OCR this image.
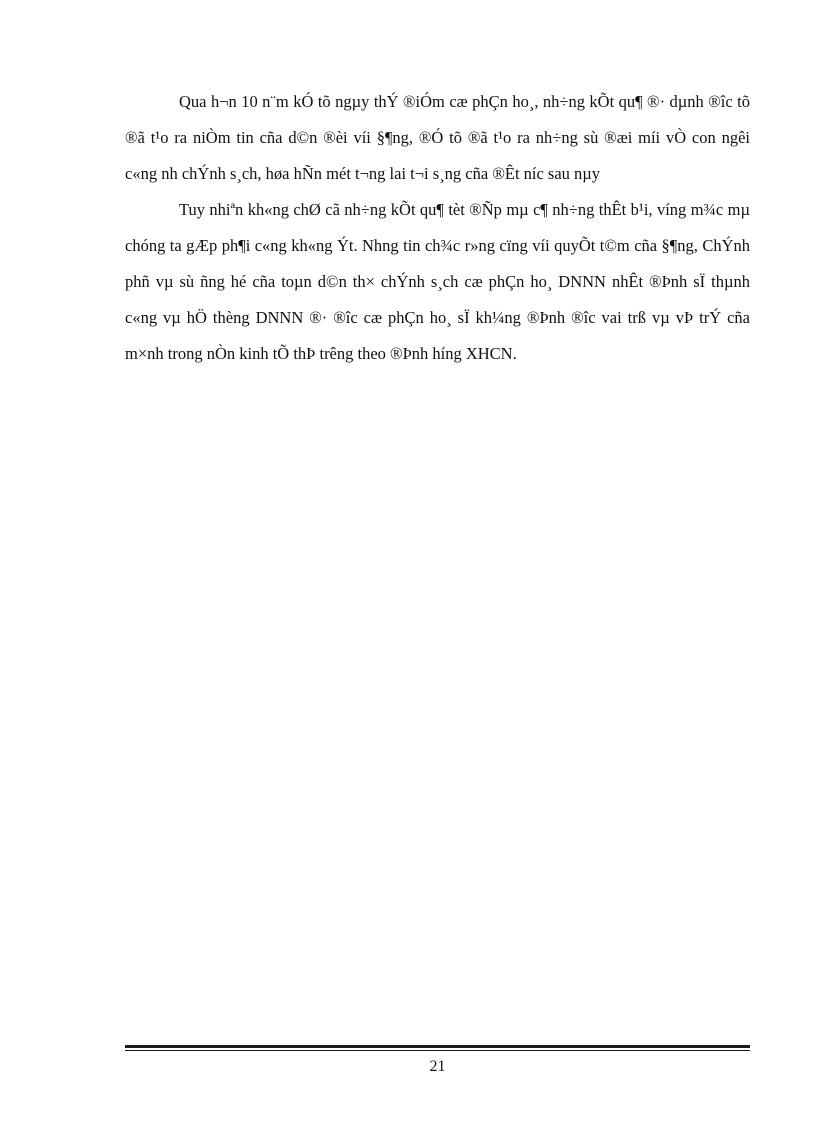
Qua h¬n 10 n¨m kÓ tõ ngµy thÝ ®iÓm cæ phÇn ho¸, nh÷ng kÕt qu¶ ®· dµnh ®îc tõ ®ã t¹o ra niÒm tin cña d©n ®èi víi §¶ng, ®Ó tõ ®ã t¹o ra nh÷ng sù ®æi míi vÒ con ngêi c«ng nh chÝnh s¸ch, høa hÑn mét t¬ng lai t¬i s¸ng cña ®Êt níc sau nµy

Tuy nhiªn kh«ng chØ cã nh÷ng kÕt qu¶ tèt ®Ñp mµ c¶ nh÷ng thÊt b¹i, víng m¾c mµ chóng ta gÆp ph¶i c«ng kh«ng Ýt. Nhng tin ch¾c r»ng cïng víi quyÕt t©m cña §¶ng, ChÝnh phñ vµ sù ñng hé cña toµn d©n th× chÝnh s¸ch cæ phÇn ho¸ DNNN nhÊt ®Þnh sÏ thµnh c«ng vµ hÖ thèng DNNN ®· ®îc cæ phÇn ho¸ sÏ kh¼ng ®Þnh ®îc vai trß vµ vÞ trÝ cña m×nh trong nÒn kinh tÕ thÞ trêng theo ®Þnh híng XHCN.

21
